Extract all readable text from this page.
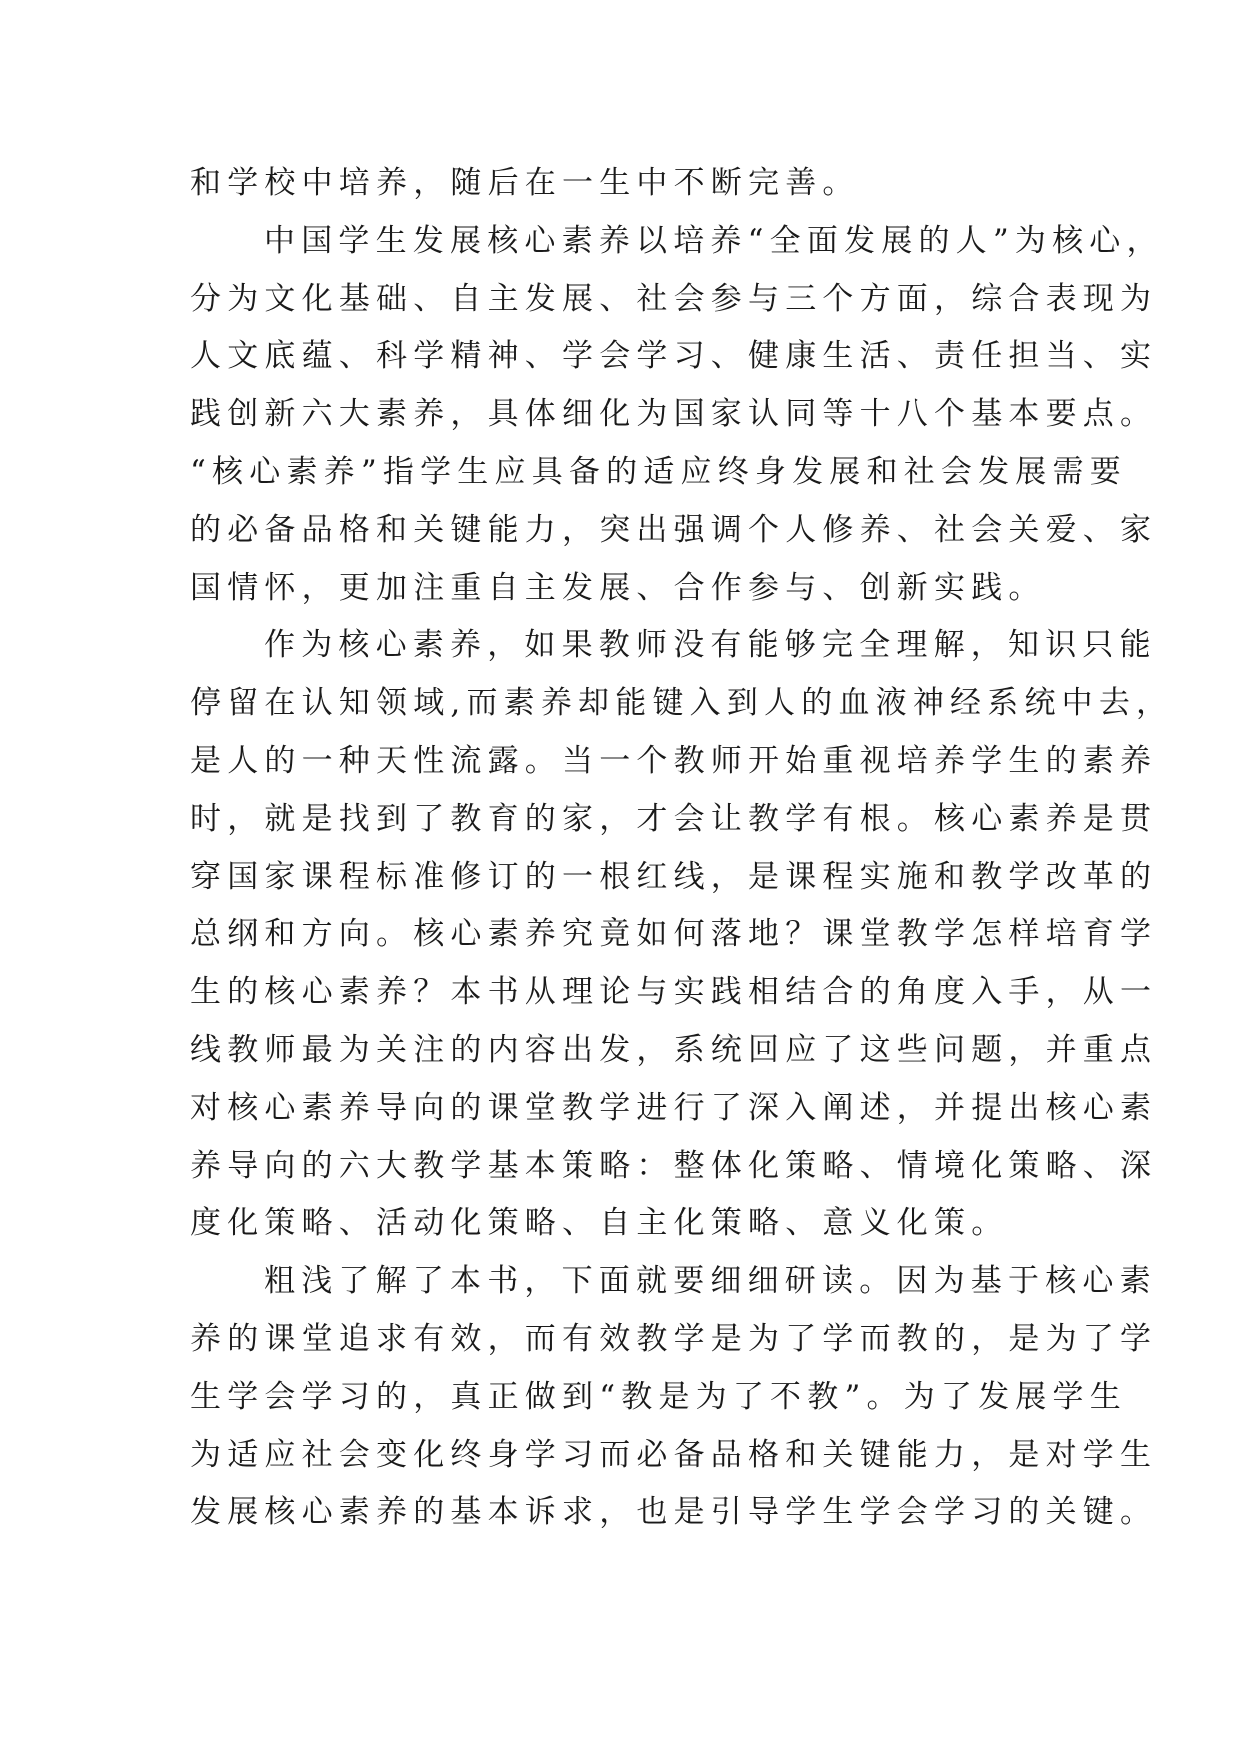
和学校中培养，随后在一生中不断完善。
中国学生发展核心素养以培养“全面发展的人”为核心，
分为文化基础、自主发展、社会参与三个方面，综合表现为
人文底蕴、科学精神、学会学习、健康生活、责任担当、实
践创新六大素养，具体细化为国家认同等十八个基本要点。
“核心素养”指学生应具备的适应终身发展和社会发展需要
的必备品格和关键能力，突出强调个人修养、社会关爱、家
国情怀，更加注重自主发展、合作参与、创新实践。
作为核心素养，如果教师没有能够完全理解，知识只能
停留在认知领域,而素养却能键入到人的血液神经系统中去，
是人的一种天性流露。当一个教师开始重视培养学生的素养
时，就是找到了教育的家，才会让教学有根。核心素养是贯
穿国家课程标准修订的一根红线，是课程实施和教学改革的
总纲和方向。核心素养究竟如何落地？课堂教学怎样培育学
生的核心素养？本书从理论与实践相结合的角度入手，从一
线教师最为关注的内容出发，系统回应了这些问题，并重点
对核心素养导向的课堂教学进行了深入阐述，并提出核心素
养导向的六大教学基本策略：整体化策略、情境化策略、深
度化策略、活动化策略、自主化策略、意义化策。
粗浅了解了本书，下面就要细细研读。因为基于核心素
养的课堂追求有效，而有效教学是为了学而教的，是为了学
生学会学习的，真正做到“教是为了不教”。为了发展学生
为适应社会变化终身学习而必备品格和关键能力，是对学生
发展核心素养的基本诉求，也是引导学生学会学习的关键。
